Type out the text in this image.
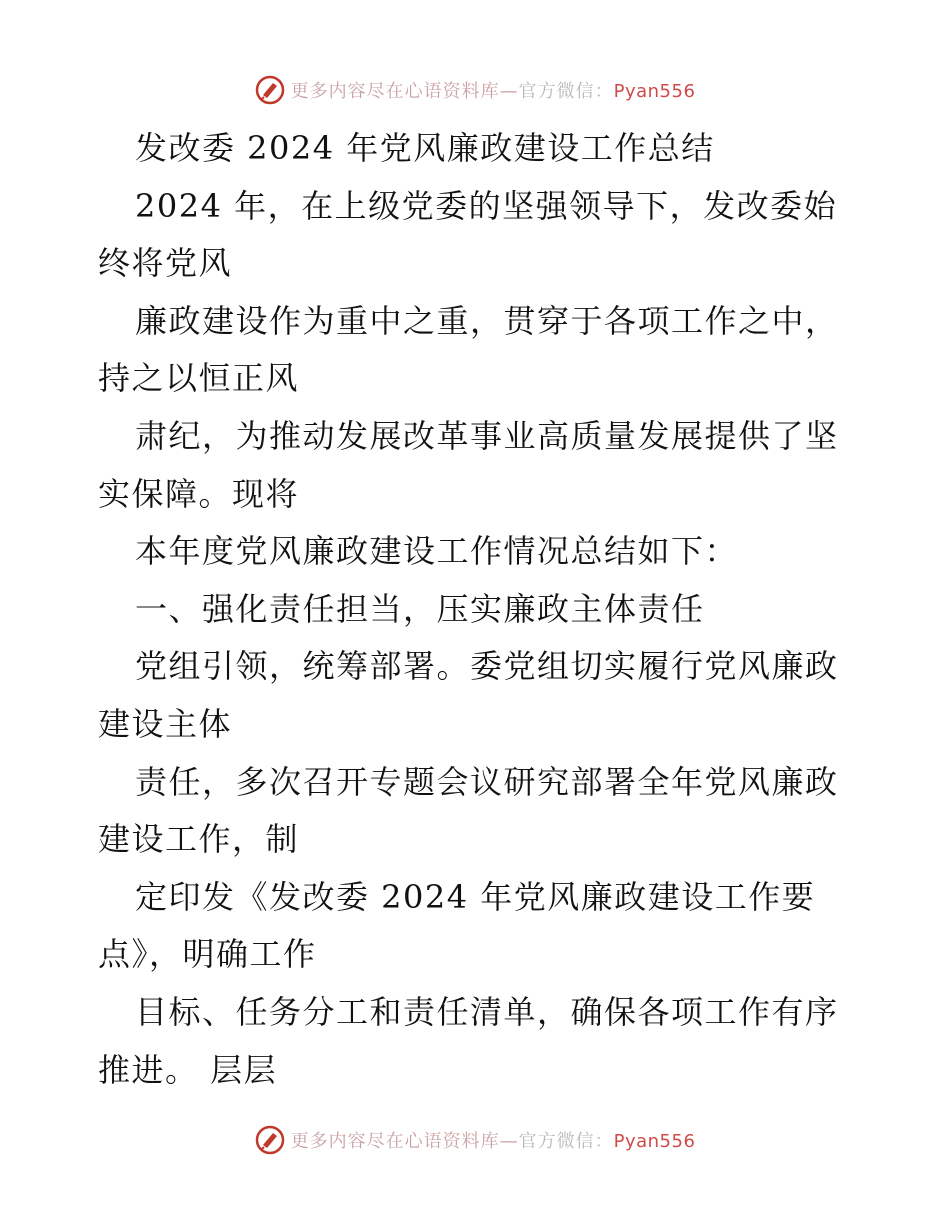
更多内容尽在心语资料库—官方微信：Pyan556
发改委 2024 年党风廉政建设工作总结
2024 年，在上级党委的坚强领导下，发改委始
终将党风
廉政建设作为重中之重，贯穿于各项工作之中，
持之以恒正风
肃纪，为推动发展改革事业高质量发展提供了坚
实保障。现将
本年度党风廉政建设工作情况总结如下：
一、强化责任担当，压实廉政主体责任
党组引领，统筹部署。委党组切实履行党风廉政
建设主体
责任，多次召开专题会议研究部署全年党风廉政
建设工作，制
定印发《发改委 2024 年党风廉政建设工作要
点》，明确工作
目标、任务分工和责任清单，确保各项工作有序
推进。 层层
更多内容尽在心语资料库—官方微信：Pyan556
